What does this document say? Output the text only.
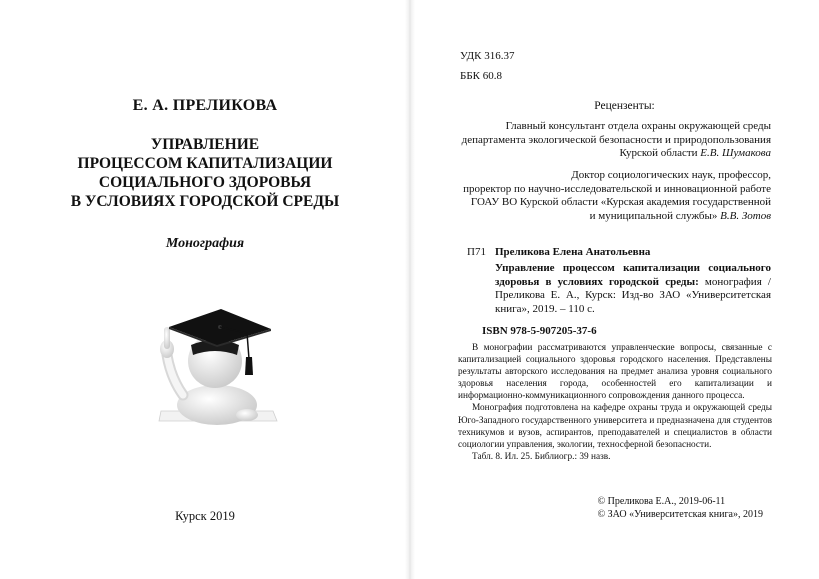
Е. А. ПРЕЛИКОВА
УПРАВЛЕНИЕ
ПРОЦЕССОМ КАПИТАЛИЗАЦИИ
СОЦИАЛЬНОГО ЗДОРОВЬЯ
В УСЛОВИЯХ ГОРОДСКОЙ СРЕДЫ
Монография
Курск 2019
УДК 316.37
ББК 60.8
Рецензенты:
Главный консультант отдела охраны окружающей среды
департамента экологической безопасности и природопользования
Курской области Е.В. Шумакова
Доктор социологических наук, профессор,
проректор по научно-исследовательской и инновационной работе
ГОАУ ВО Курской области «Курская академия государственной
и муниципальной службы» В.В. Зотов
П71 Преликова Елена Анатольевна
Управление процессом капитализации социального здоровья в условиях городской среды: монография / Преликова Е. А., Курск: Изд-во ЗАО «Университетская книга», 2019. – 110 с.
ISBN 978-5-907205-37-6

В монографии рассматриваются управленческие вопросы, связанные с капитализацией социального здоровья городского населения. Представлены результаты авторского исследования на предмет анализа уровня социального здоровья населения города, особенностей его капитализации и информационно-коммуникационного сопровождения данного процесса.

Монография подготовлена на кафедре охраны труда и окружающей среды Юго-Западного государственного университета и предназначена для студентов техникумов и вузов, аспирантов, преподавателей и специалистов в области социологии управления, экологии, техносферной безопасности.

Табл. 8. Ил. 25. Библиогр.: 39 назв.
© Преликова Е.А., 2019-06-11
© ЗАО «Университетская книга», 2019
